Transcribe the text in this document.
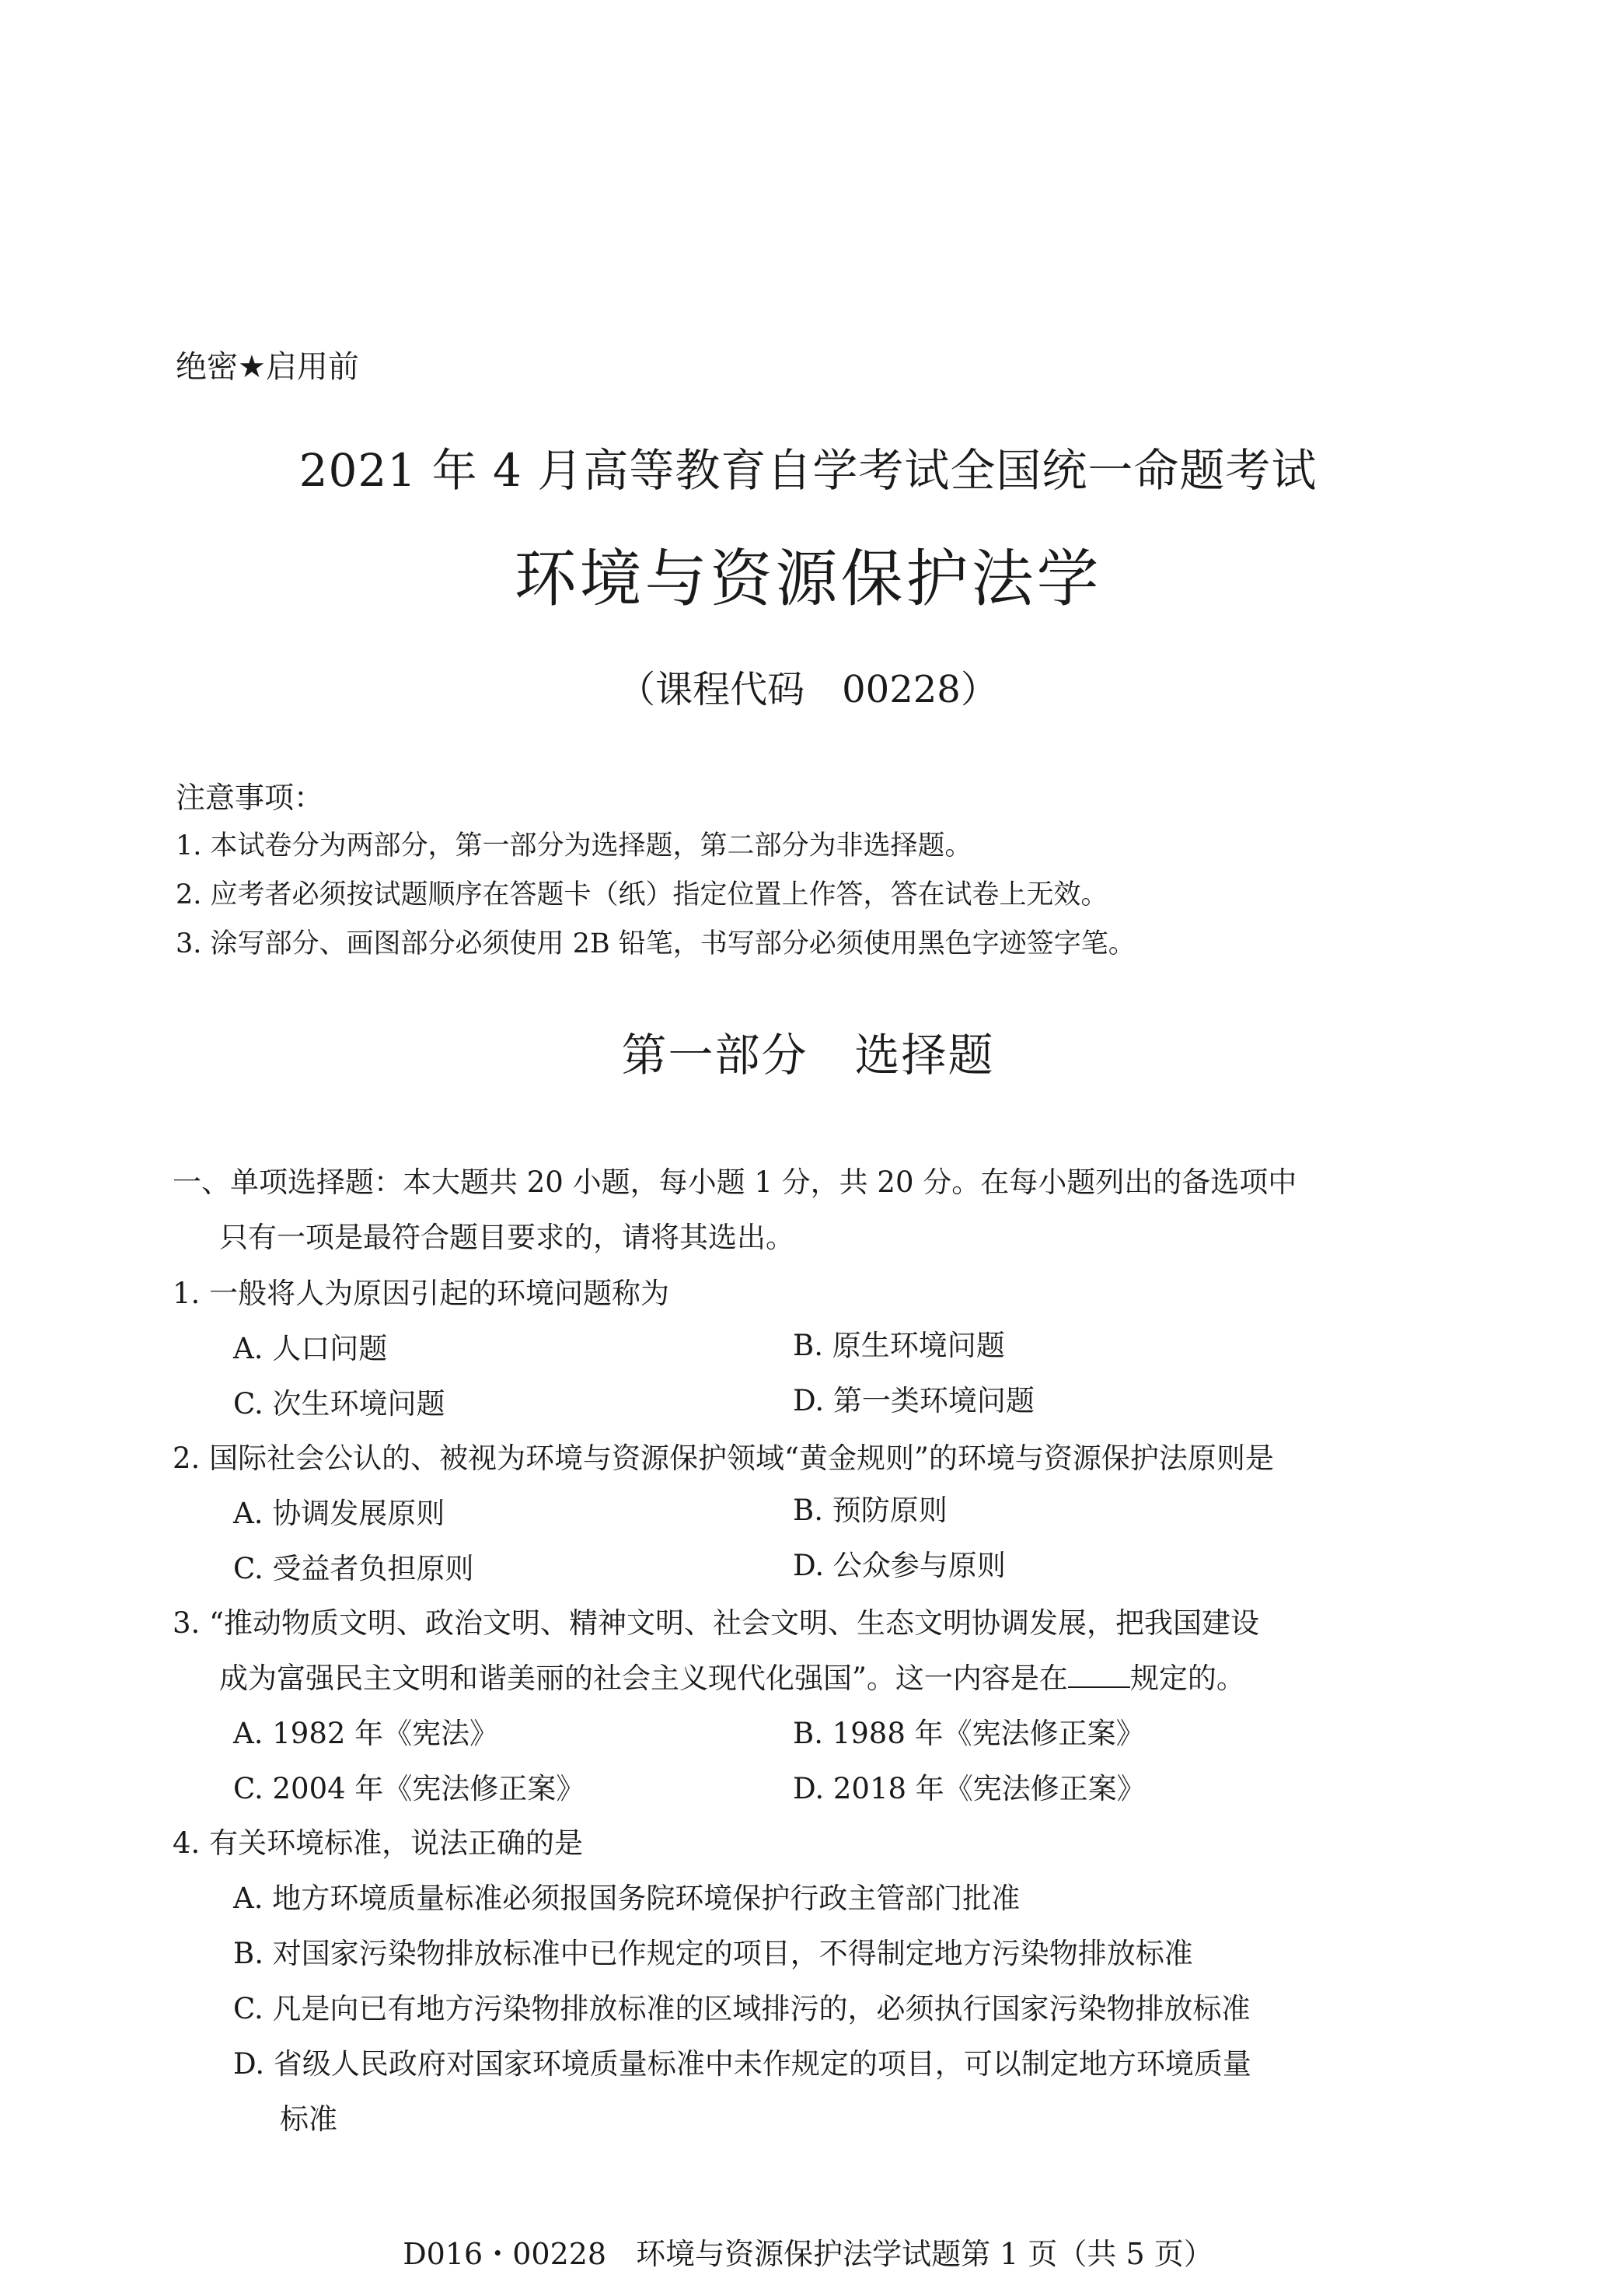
绝密★启用前
2021 年 4 月高等教育自学考试全国统一命题考试
环境与资源保护法学
（课程代码　00228）
注意事项：
1. 本试卷分为两部分，第一部分为选择题，第二部分为非选择题。
2. 应考者必须按试题顺序在答题卡（纸）指定位置上作答，答在试卷上无效。
3. 涂写部分、画图部分必须使用 2B 铅笔，书写部分必须使用黑色字迹签字笔。
第一部分　选择题
一、单项选择题：本大题共 20 小题，每小题 1 分，共 20 分。在每小题列出的备选项中
只有一项是最符合题目要求的，请将其选出。
1. 一般将人为原因引起的环境问题称为
A. 人口问题	B. 原生环境问题
C. 次生环境问题	D. 第一类环境问题
2. 国际社会公认的、被视为环境与资源保护领域“黄金规则”的环境与资源保护法原则是
A. 协调发展原则	B. 预防原则
C. 受益者负担原则	D. 公众参与原则
3. “推动物质文明、政治文明、精神文明、社会文明、生态文明协调发展，把我国建设
成为富强民主文明和谐美丽的社会主义现代化强国”。这一内容是在 规定的。
A. 1982 年《宪法》	B. 1988 年《宪法修正案》
C. 2004 年《宪法修正案》	D. 2018 年《宪法修正案》
4. 有关环境标准，说法正确的是
A. 地方环境质量标准必须报国务院环境保护行政主管部门批准
B. 对国家污染物排放标准中已作规定的项目，不得制定地方污染物排放标准
C. 凡是向已有地方污染物排放标准的区域排污的，必须执行国家污染物排放标准
D. 省级人民政府对国家环境质量标准中未作规定的项目，可以制定地方环境质量
标准
D016・00228　环境与资源保护法学试题第 1 页（共 5 页）
